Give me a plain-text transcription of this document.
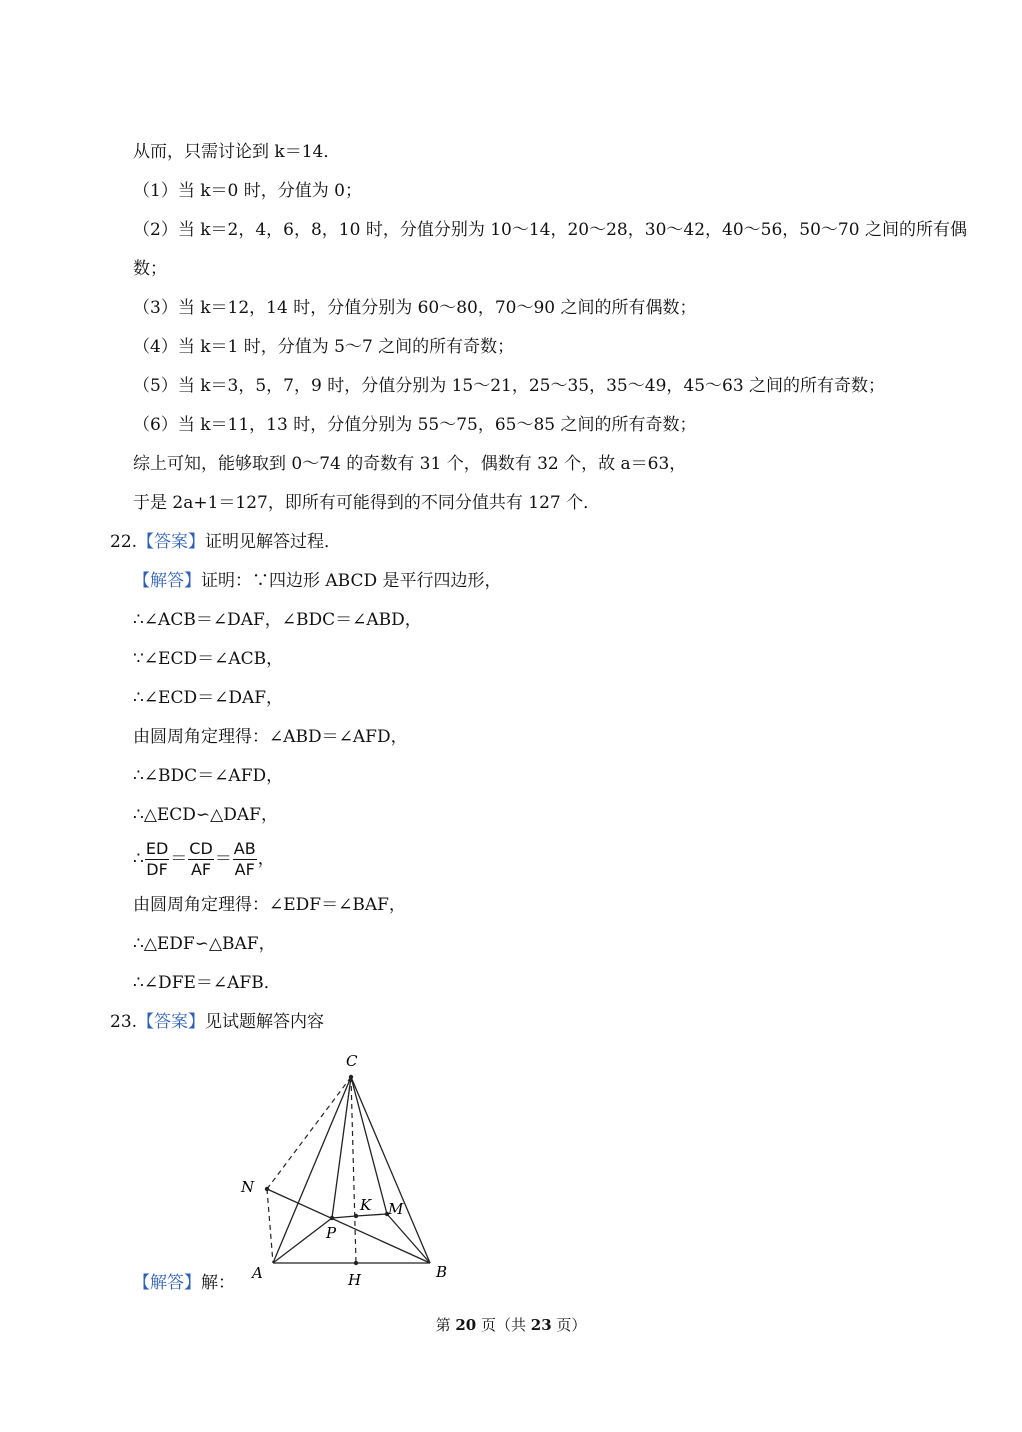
从而，只需讨论到 k＝14．
（1）当 k＝0 时，分值为 0；
（2）当 k＝2，4，6，8，10 时，分值分别为 10～14，20～28，30～42，40～56，50～70 之间的所有偶
数；
（3）当 k＝12，14 时，分值分别为 60～80，70～90 之间的所有偶数；
（4）当 k＝1 时，分值为 5～7 之间的所有奇数；
（5）当 k＝3，5，7，9 时，分值分别为 15～21，25～35，35～49，45～63 之间的所有奇数；
（6）当 k＝11，13 时，分值分别为 55～75，65～85 之间的所有奇数；
综上可知，能够取到 0～74 的奇数有 31 个，偶数有 32 个，故 a＝63，
于是 2a+1＝127，即所有可能得到的不同分值共有 127 个．
22.【答案】证明见解答过程．
【解答】证明：∵四边形 ABCD 是平行四边形，
∴∠ACB＝∠DAF，∠BDC＝∠ABD，
∵∠ECD＝∠ACB，
∴∠ECD＝∠DAF，
由圆周角定理得：∠ABD＝∠AFD，
∴∠BDC＝∠AFD，
∴△ECD∽△DAF，
∴ $\frac{ED}{DF} = \frac{CD}{AF} = \frac{AB}{AF}$ ，
由圆周角定理得：∠EDF＝∠BAF，
∴△EDF∽△BAF，
∴∠DFE＝∠AFB．
23.【答案】见试题解答内容
C
N
K M
P
A	H	B
【解答】解：
第 20 页（共 23 页）
